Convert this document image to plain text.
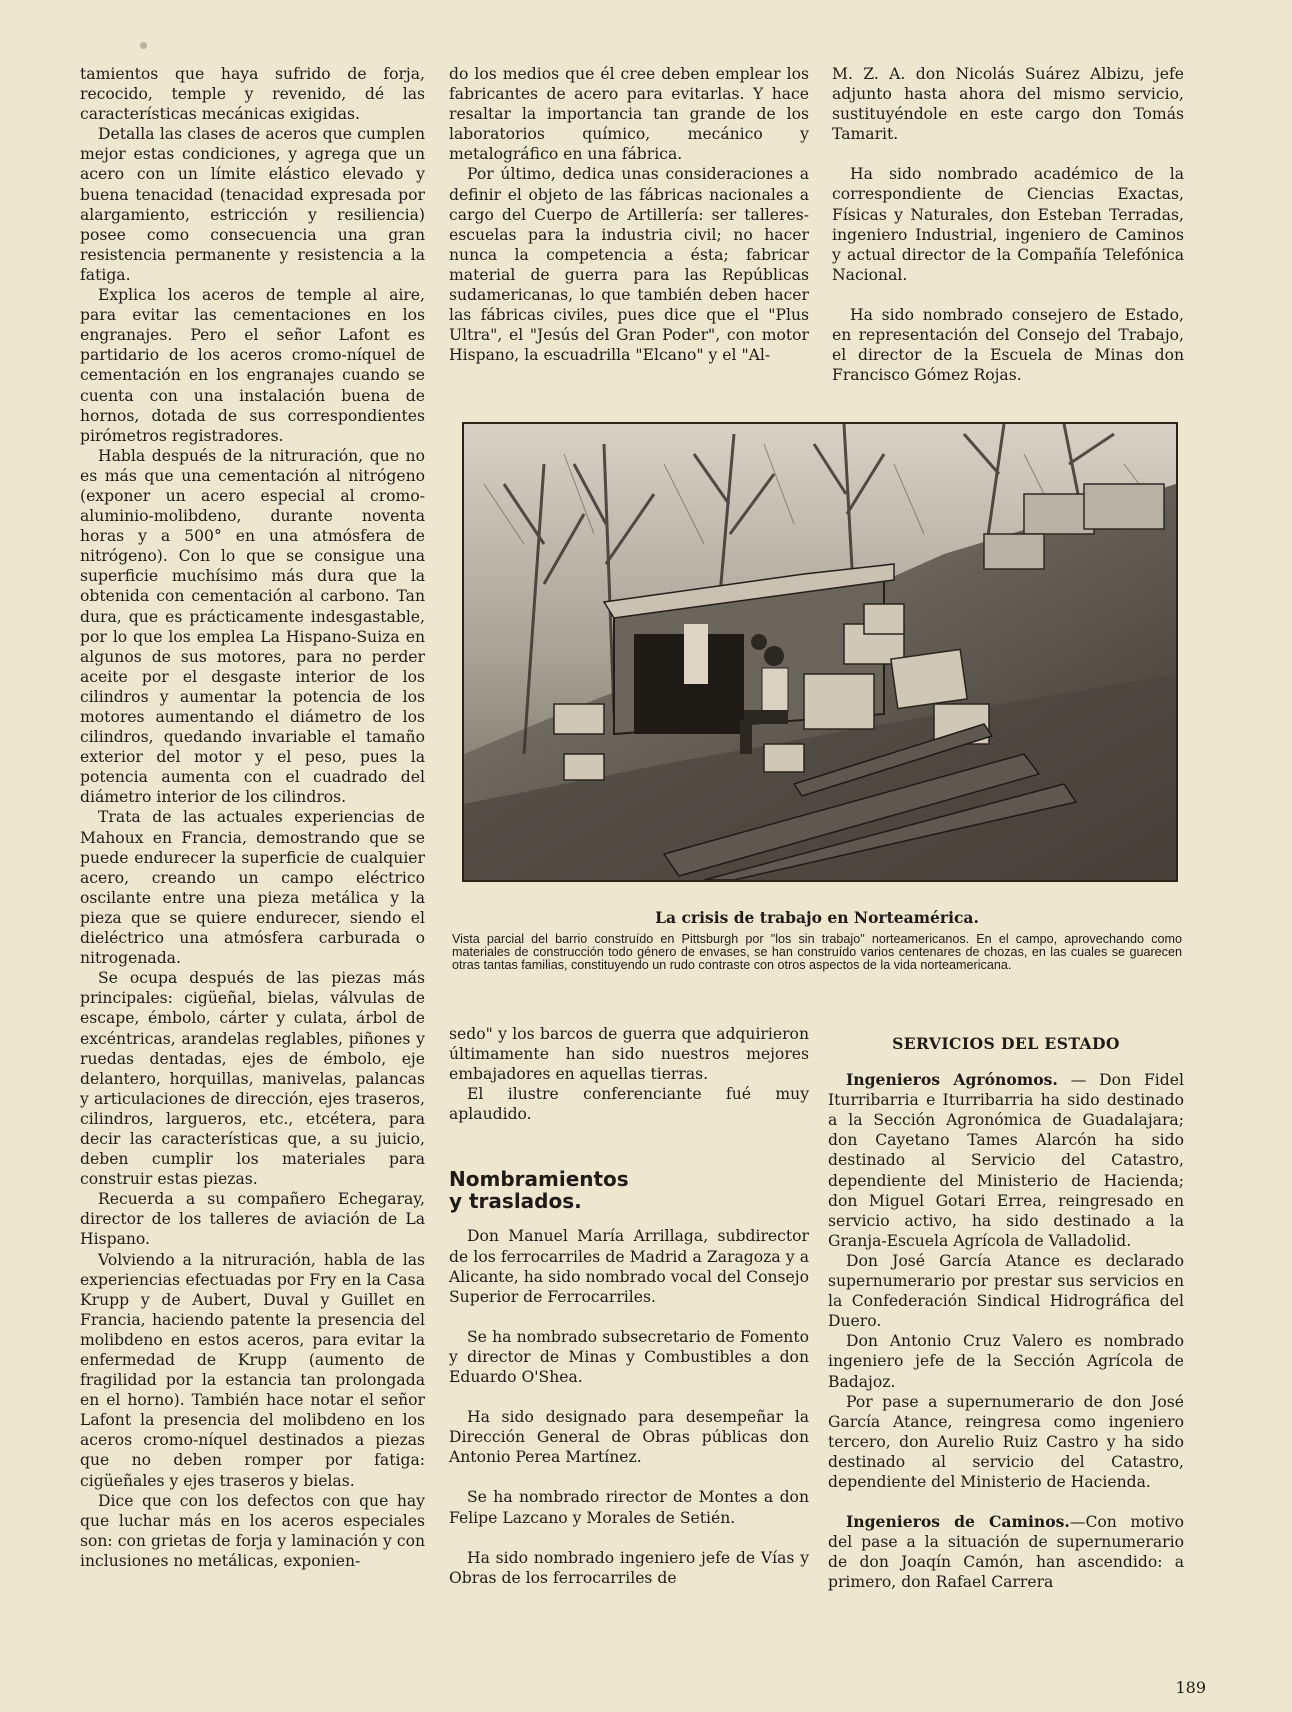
tamientos que haya sufrido de forja, recocido, temple y revenido, dé las características mecánicas exigidas.

Detalla las clases de aceros que cumplen mejor estas condiciones, y agrega que un acero con un límite elástico elevado y buena tenacidad (tenacidad expresada por alargamiento, estricción y resiliencia) posee como consecuencia una gran resistencia permanente y resistencia a la fatiga.

Explica los aceros de temple al aire, para evitar las cementaciones en los engranajes. Pero el señor Lafont es partidario de los aceros cromo-níquel de cementación en los engranajes cuando se cuenta con una instalación buena de hornos, dotada de sus correspondientes pirómetros registradores.

Habla después de la nitruración, que no es más que una cementación al nitrógeno (exponer un acero especial al cromo-aluminio-molibdeno, durante noventa horas y a 500° en una atmósfera de nitrógeno). Con lo que se consigue una superficie muchísimo más dura que la obtenida con cementación al carbono. Tan dura, que es prácticamente indesgastable, por lo que los emplea La Hispano-Suiza en algunos de sus motores, para no perder aceite por el desgaste interior de los cilindros y aumentar la potencia de los motores aumentando el diámetro de los cilindros, quedando invariable el tamaño exterior del motor y el peso, pues la potencia aumenta con el cuadrado del diámetro interior de los cilindros.

Trata de las actuales experiencias de Mahoux en Francia, demostrando que se puede endurecer la superficie de cualquier acero, creando un campo eléctrico oscilante entre una pieza metálica y la pieza que se quiere endurecer, siendo el dieléctrico una atmósfera carburada o nitrogenada.

Se ocupa después de las piezas más principales: cigüeñal, bielas, válvulas de escape, émbolo, cárter y culata, árbol de excéntricas, arandelas reglables, piñones y ruedas dentadas, ejes de émbolo, eje delantero, horquillas, manivelas, palancas y articulaciones de dirección, ejes traseros, cilindros, largueros, etc., etcétera, para decir las características que, a su juicio, deben cumplir los materiales para construir estas piezas.

Recuerda a su compañero Echegaray, director de los talleres de aviación de La Hispano.

Volviendo a la nitruración, habla de las experiencias efectuadas por Fry en la Casa Krupp y de Aubert, Duval y Guillet en Francia, haciendo patente la presencia del molibdeno en estos aceros, para evitar la enfermedad de Krupp (aumento de fragilidad por la estancia tan prolongada en el horno). También hace notar el señor Lafont la presencia del molibdeno en los aceros cromo-níquel destinados a piezas que no deben romper por fatiga: cigüeñales y ejes traseros y bielas.

Dice que con los defectos con que hay que luchar más en los aceros especiales son: con grietas de forja y laminación y con inclusiones no metálicas, exponien-

do los medios que él cree deben emplear los fabricantes de acero para evitarlas. Y hace resaltar la importancia tan grande de los laboratorios químico, mecánico y metalográfico en una fábrica.

Por último, dedica unas consideraciones a definir el objeto de las fábricas nacionales a cargo del Cuerpo de Artillería: ser talleres-escuelas para la industria civil; no hacer nunca la competencia a ésta; fabricar material de guerra para las Repúblicas sudamericanas, lo que también deben hacer las fábricas civiles, pues dice que el "Plus Ultra", el "Jesús del Gran Poder", con motor Hispano, la escuadrilla "Elcano" y el "Al-

M. Z. A. don Nicolás Suárez Albizu, jefe adjunto hasta ahora del mismo servicio, sustituyéndole en este cargo don Tomás Tamarit.

Ha sido nombrado académico de la correspondiente de Ciencias Exactas, Físicas y Naturales, don Esteban Terradas, ingeniero Industrial, ingeniero de Caminos y actual director de la Compañía Telefónica Nacional.

Ha sido nombrado consejero de Estado, en representación del Consejo del Trabajo, el director de la Escuela de Minas don Francisco Gómez Rojas.

La crisis de trabajo en Norteamérica.
Vista parcial del barrio construído en Pittsburgh por "los sin trabajo" norteamericanos. En el campo, aprovechando como materiales de construcción todo género de envases, se han construído varios centenares de chozas, en las cuales se guarecen otras tantas familias, constituyendo un rudo contraste con otros aspectos de la vida norteamericana.

sedo" y los barcos de guerra que adquirieron últimamente han sido nuestros mejores embajadores en aquellas tierras.

El ilustre conferenciante fué muy aplaudido.

Nombramientos
y traslados.

Don Manuel María Arrillaga, subdirector de los ferrocarriles de Madrid a Zaragoza y a Alicante, ha sido nombrado vocal del Consejo Superior de Ferrocarriles.

Se ha nombrado subsecretario de Fomento y director de Minas y Combustibles a don Eduardo O'Shea.

Ha sido designado para desempeñar la Dirección General de Obras públicas don Antonio Perea Martínez.

Se ha nombrado rirector de Montes a don Felipe Lazcano y Morales de Setién.

Ha sido nombrado ingeniero jefe de Vías y Obras de los ferrocarriles de

SERVICIOS DEL ESTADO

Ingenieros Agrónomos. — Don Fidel Iturribarria e Iturribarria ha sido destinado a la Sección Agronómica de Guadalajara; don Cayetano Tames Alarcón ha sido destinado al Servicio del Catastro, dependiente del Ministerio de Hacienda; don Miguel Gotari Errea, reingresado en servicio activo, ha sido destinado a la Granja-Escuela Agrícola de Valladolid.

Don José García Atance es declarado supernumerario por prestar sus servicios en la Confederación Sindical Hidrográfica del Duero.

Don Antonio Cruz Valero es nombrado ingeniero jefe de la Sección Agrícola de Badajoz.

Por pase a supernumerario de don José García Atance, reingresa como ingeniero tercero, don Aurelio Ruiz Castro y ha sido destinado al servicio del Catastro, dependiente del Ministerio de Hacienda.

Ingenieros de Caminos.—Con motivo del pase a la situación de supernumerario de don Joaqín Camón, han ascendido: a primero, don Rafael Carrera

189
